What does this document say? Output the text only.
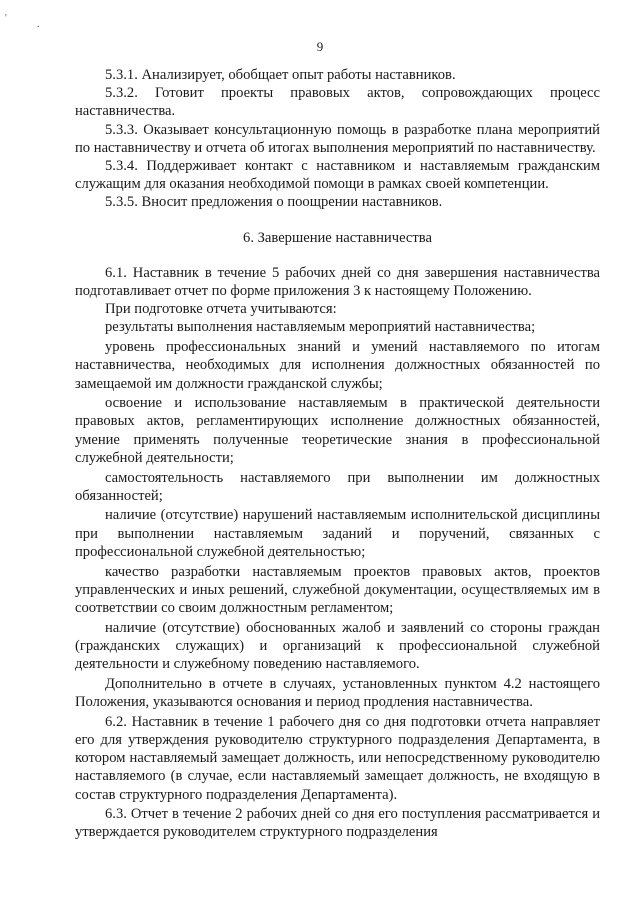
'
.
9

5.3.1. Анализирует, обобщает опыт работы наставников.

5.3.2. Готовит проекты правовых актов, сопровождающих процесс наставничества.

5.3.3. Оказывает консультационную помощь в разработке плана мероприятий по наставничеству и отчета об итогах выполнения мероприятий по наставничеству.

5.3.4. Поддерживает контакт с наставником и наставляемым гражданским служащим для оказания необходимой помощи в рамках своей компетенции.

5.3.5. Вносит предложения о поощрении наставников.

6. Завершение наставничества

6.1. Наставник в течение 5 рабочих дней со дня завершения наставничества подготавливает отчет по форме приложения 3 к настоящему Положению.

При подготовке отчета учитываются:

результаты выполнения наставляемым мероприятий наставничества;

уровень профессиональных знаний и умений наставляемого по итогам наставничества, необходимых для исполнения должностных обязанностей по замещаемой им должности гражданской службы;

освоение и использование наставляемым в практической деятельности правовых актов, регламентирующих исполнение должностных обязанностей, умение применять полученные теоретические знания в профессиональной служебной деятельности;

самостоятельность наставляемого при выполнении им должностных обязанностей;

наличие (отсутствие) нарушений наставляемым исполнительской дисциплины при выполнении наставляемым заданий и поручений, связанных с профессиональной служебной деятельностью;

качество разработки наставляемым проектов правовых актов, проектов управленческих и иных решений, служебной документации, осуществляемых им в соответствии со своим должностным регламентом;

наличие (отсутствие) обоснованных жалоб и заявлений со стороны граждан (гражданских служащих) и организаций к профессиональной служебной деятельности и служебному поведению наставляемого.

Дополнительно в отчете в случаях, установленных пунктом 4.2 настоящего Положения, указываются основания и период продления наставничества.

6.2. Наставник в течение 1 рабочего дня со дня подготовки отчета направляет его для утверждения руководителю структурного подразделения Департамента, в котором наставляемый замещает должность, или непосредственному руководителю наставляемого (в случае, если наставляемый замещает должность, не входящую в состав структурного подразделения Департамента).

6.3. Отчет в течение 2 рабочих дней со дня его поступления рассматривается и утверждается руководителем структурного подразделения
